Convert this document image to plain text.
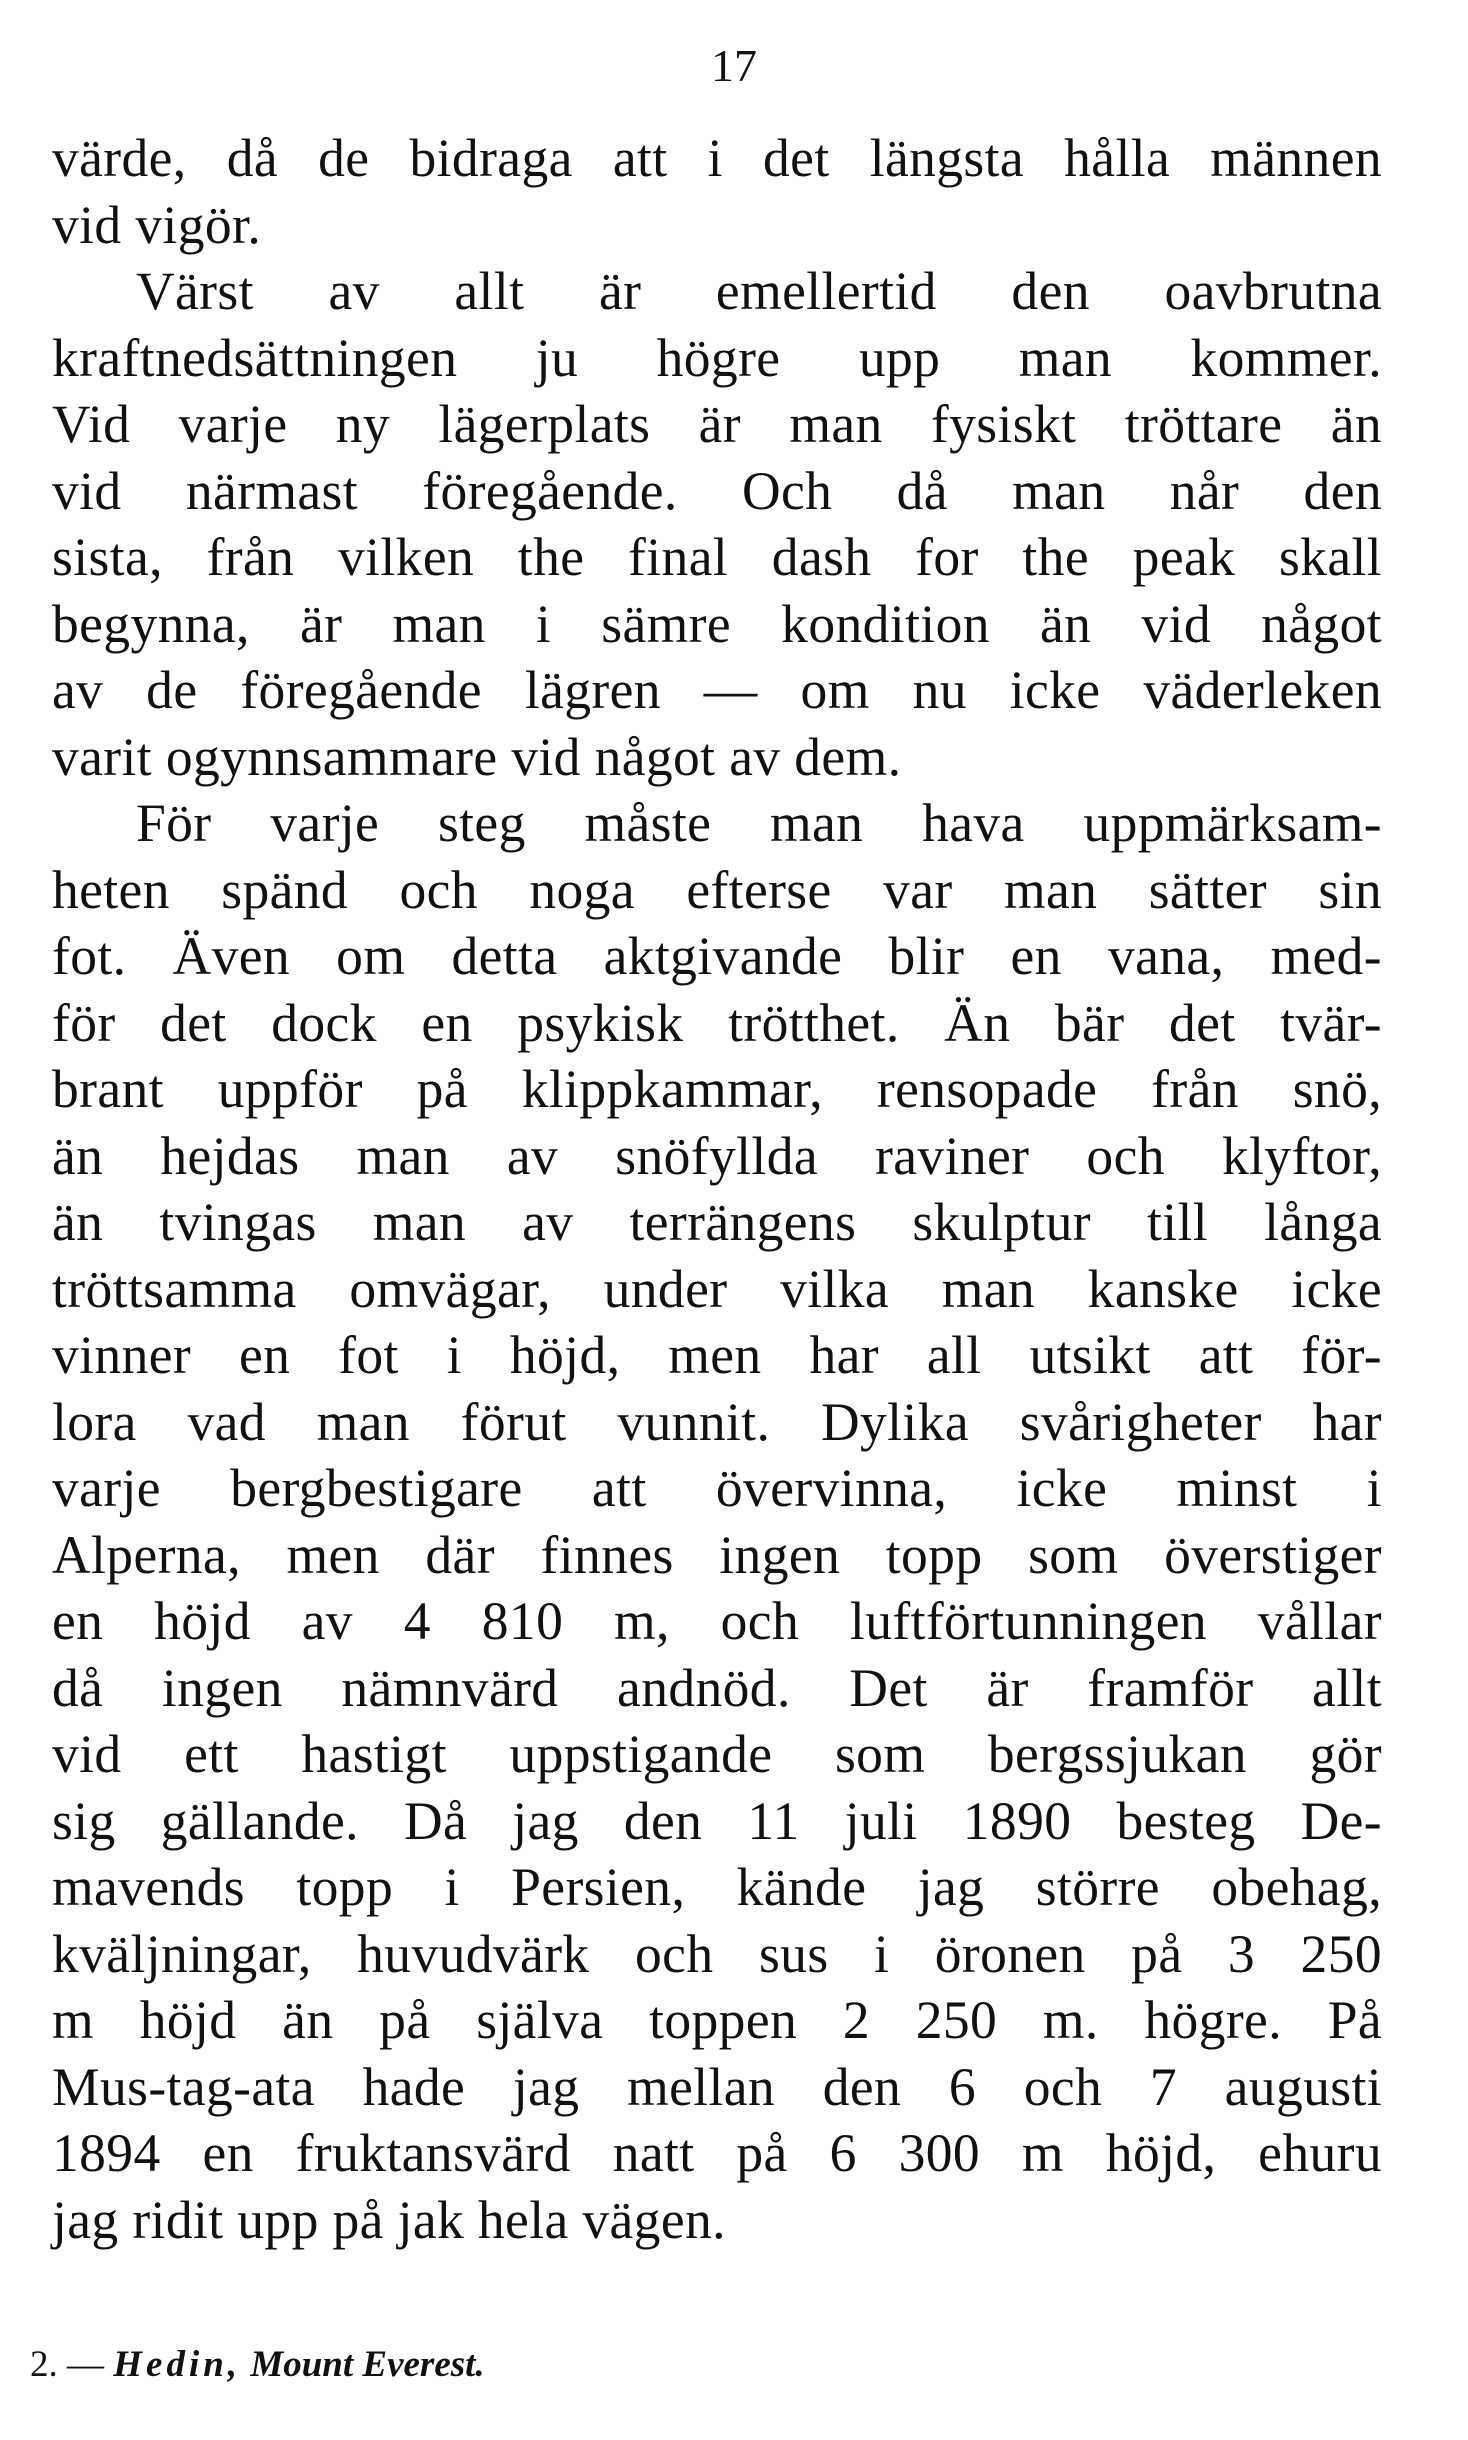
17
värde, då de bidraga att i det längsta hålla männen
vid vigör.
Värst av allt är emellertid den oavbrutna
kraftnedsättningen ju högre upp man kommer.
Vid varje ny lägerplats är man fysiskt tröttare än
vid närmast föregående. Och då man når den
sista, från vilken the final dash for the peak skall
begynna, är man i sämre kondition än vid något
av de föregående lägren — om nu icke väderleken
varit ogynnsammare vid något av dem.
För varje steg måste man hava uppmärksam-
heten spänd och noga efterse var man sätter sin
fot. Även om detta aktgivande blir en vana, med-
för det dock en psykisk trötthet. Än bär det tvär-
brant uppför på klippkammar, rensopade från snö,
än hejdas man av snöfyllda raviner och klyftor,
än tvingas man av terrängens skulptur till långa
tröttsamma omvägar, under vilka man kanske icke
vinner en fot i höjd, men har all utsikt att för-
lora vad man förut vunnit. Dylika svårigheter har
varje bergbestigare att övervinna, icke minst i
Alperna, men där finnes ingen topp som överstiger
en höjd av 4 810 m, och luftförtunningen vållar
då ingen nämnvärd andnöd. Det är framför allt
vid ett hastigt uppstigande som bergssjukan gör
sig gällande. Då jag den 11 juli 1890 besteg De-
mavends topp i Persien, kände jag större obehag,
kväljningar, huvudvärk och sus i öronen på 3 250
m höjd än på själva toppen 2 250 m. högre. På
Mus-tag-ata hade jag mellan den 6 och 7 augusti
1894 en fruktansvärd natt på 6 300 m höjd, ehuru
jag ridit upp på jak hela vägen.
2. — Hedin, Mount Everest.
